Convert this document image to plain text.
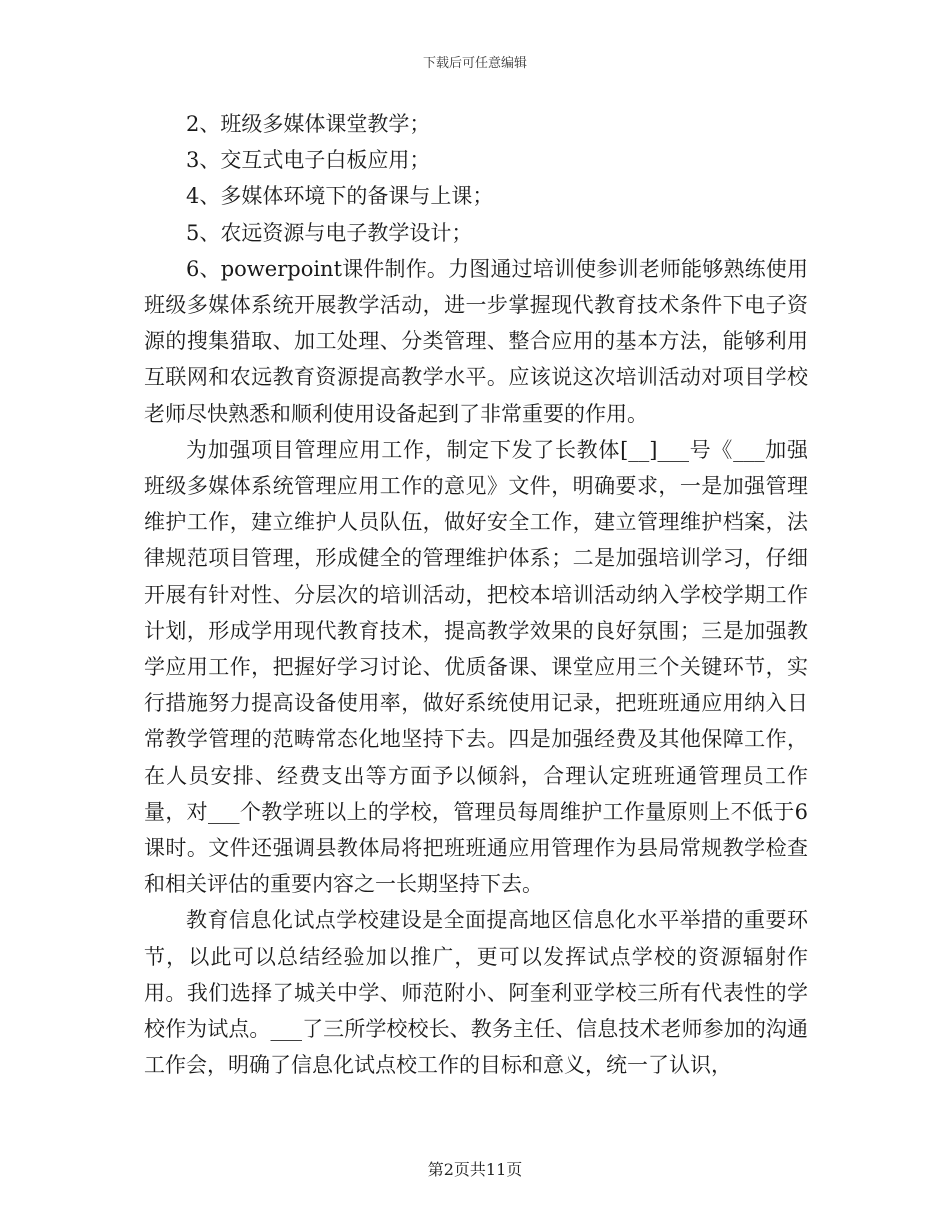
下载后可任意编辑

2、班级多媒体课堂教学；

3、交互式电子白板应用；

4、多媒体环境下的备课与上课；

5、农远资源与电子教学设计；

6、powerpoint课件制作。力图通过培训使参训老师能够熟练使用班级多媒体系统开展教学活动，进一步掌握现代教育技术条件下电子资源的搜集猎取、加工处理、分类管理、整合应用的基本方法，能够利用互联网和农远教育资源提高教学水平。应该说这次培训活动对项目学校老师尽快熟悉和顺利使用设备起到了非常重要的作用。

为加强项目管理应用工作，制定下发了长教体[__]___号《___加强班级多媒体系统管理应用工作的意见》文件，明确要求，一是加强管理维护工作，建立维护人员队伍，做好安全工作，建立管理维护档案，法律规范项目管理，形成健全的管理维护体系；二是加强培训学习，仔细开展有针对性、分层次的培训活动，把校本培训活动纳入学校学期工作计划，形成学用现代教育技术，提高教学效果的良好氛围；三是加强教学应用工作，把握好学习讨论、优质备课、课堂应用三个关键环节，实行措施努力提高设备使用率，做好系统使用记录，把班班通应用纳入日常教学管理的范畴常态化地坚持下去。四是加强经费及其他保障工作，在人员安排、经费支出等方面予以倾斜，合理认定班班通管理员工作量，对___个教学班以上的学校，管理员每周维护工作量原则上不低于6课时。文件还强调县教体局将把班班通应用管理作为县局常规教学检查和相关评估的重要内容之一长期坚持下去。

教育信息化试点学校建设是全面提高地区信息化水平举措的重要环节，以此可以总结经验加以推广，更可以发挥试点学校的资源辐射作用。我们选择了城关中学、师范附小、阿奎利亚学校三所有代表性的学校作为试点。___了三所学校校长、教务主任、信息技术老师参加的沟通工作会，明确了信息化试点校工作的目标和意义，统一了认识，

第2页共11页
